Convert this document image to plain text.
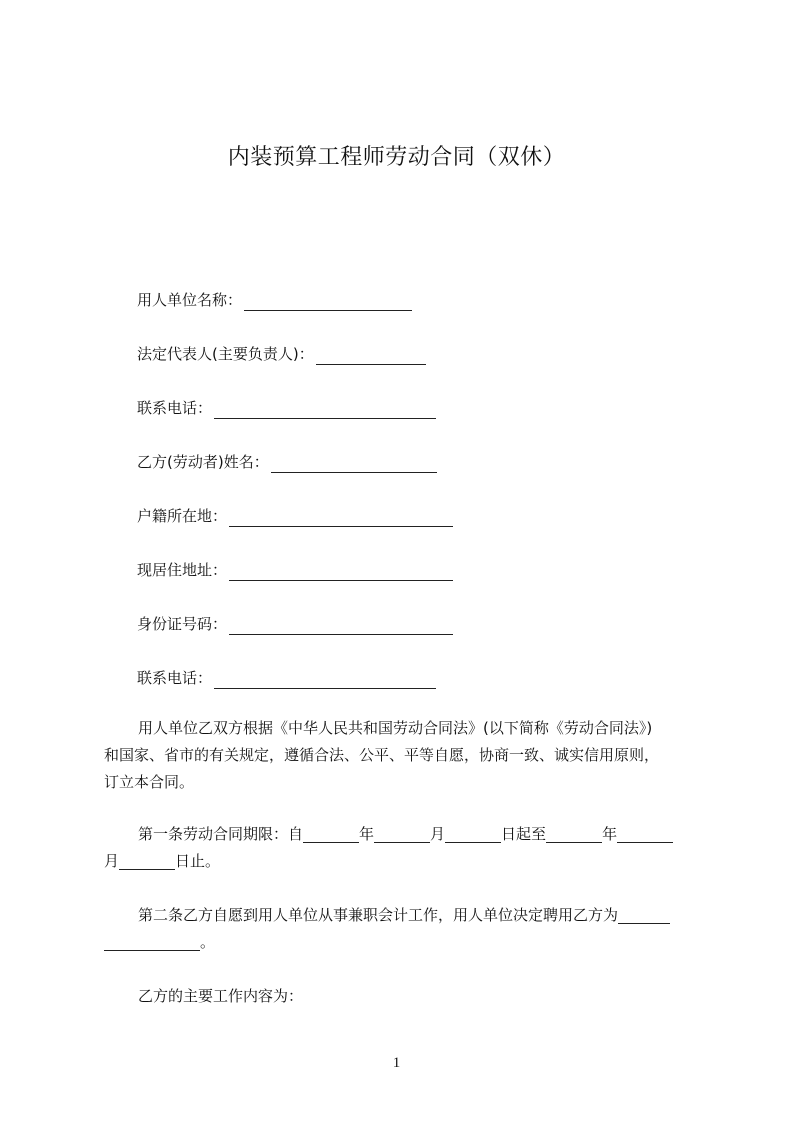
内装预算工程师劳动合同（双休）
用人单位名称：
法定代表人(主要负责人)：
联系电话：
乙方(劳动者)姓名：
户籍所在地：
现居住地址：
身份证号码：
联系电话：
用人单位乙双方根据《中华人民共和国劳动合同法》(以下简称《劳动合同法》)
和国家、省市的有关规定，遵循合法、公平、平等自愿，协商一致、诚实信用原则，
订立本合同。
第一条劳动合同期限：自	年	月	日起至	年
月	日止。
第二条乙方自愿到用人单位从事兼职会计工作，用人单位决定聘用乙方为
。
乙方的主要工作内容为：
1
